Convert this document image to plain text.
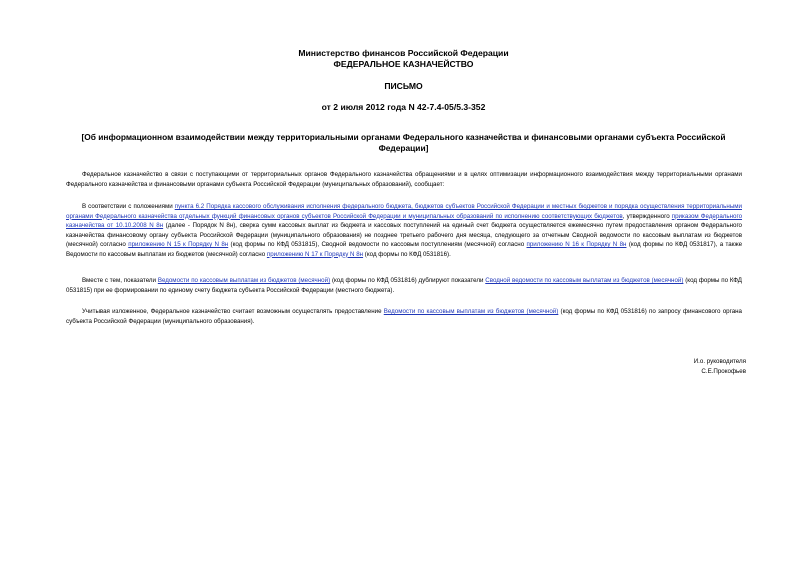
Министерство финансов Российской Федерации
ФЕДЕРАЛЬНОЕ КАЗНАЧЕЙСТВО
ПИСЬМО
от 2 июля 2012 года N 42-7.4-05/5.3-352
[Об информационном взаимодействии между территориальными органами Федерального казначейства и финансовыми органами субъекта Российской Федерации]

Федеральное казначейство в связи с поступающими от территориальных органов Федерального казначейства обращениями и в целях оптимизации информационного взаимодействия между территориальными органами Федерального казначейства и финансовыми органами субъекта Российской Федерации (муниципальных образований), сообщает:

В соответствии с положениями пункта 6.2 Порядка кассового обслуживания исполнения федерального бюджета, бюджетов субъектов Российской Федерации и местных бюджетов и порядка осуществления территориальными органами Федерального казначейства отдельных функций финансовых органов субъектов Российской Федерации и муниципальных образований по исполнению соответствующих бюджетов, утвержденного приказом Федерального казначейства от 10.10.2008 N 8н (далее - Порядок N 8н), сверка сумм кассовых выплат из бюджета и кассовых поступлений на единый счет бюджета осуществляется ежемесячно путем предоставления органом Федерального казначейства финансовому органу субъекта Российской Федерации (муниципального образования) не позднее третьего рабочего дня месяца, следующего за отчетным Сводной ведомости по кассовым выплатам из бюджетов (месячной) согласно приложению N 15 к Порядку N 8н (код формы по КФД 0531815), Сводной ведомости по кассовым поступлениям (месячной) согласно приложению N 16 к Порядку N 8н (код формы по КФД 0531817), а также Ведомости по кассовым выплатам из бюджетов (месячной) согласно приложению N 17 к Порядку N 8н (код формы по КФД 0531816).

Вместе с тем, показатели Ведомости по кассовым выплатам из бюджетов (месячной) (код формы по КФД 0531816) дублируют показатели Сводной ведомости по кассовым выплатам из бюджетов (месячной) (код формы по КФД 0531815) при ее формировании по единому счету бюджета субъекта Российской Федерации (местного бюджета).

Учитывая изложенное, Федеральное казначейство считает возможным осуществлять предоставление Ведомости по кассовым выплатам из бюджетов (месячной) (код формы по КФД 0531816) по запросу финансового органа субъекта Российской Федерации (муниципального образования).

И.о. руководителя
С.Е.Прокофьев
